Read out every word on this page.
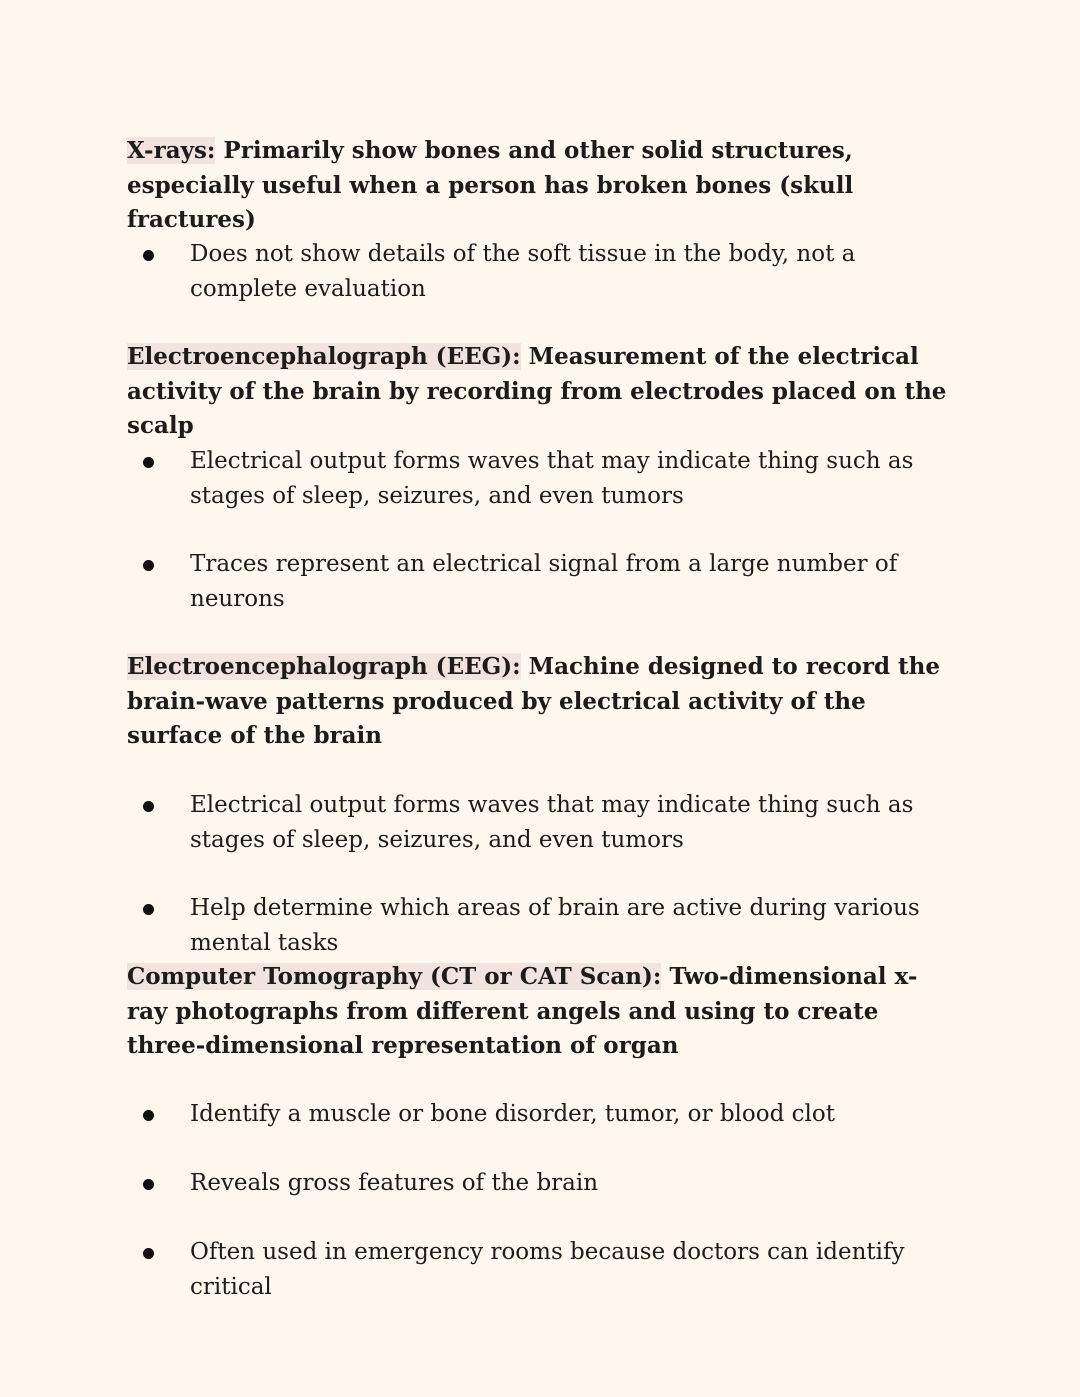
X-rays: Primarily show bones and other solid structures, especially useful when a person has broken bones (skull fractures)

Does not show details of the soft tissue in the body, not a complete evaluation

Electroencephalograph (EEG): Measurement of the electrical activity of the brain by recording from electrodes placed on the scalp

Electrical output forms waves that may indicate thing such as stages of sleep, seizures, and even tumors

Traces represent an electrical signal from a large number of neurons

Electroencephalograph (EEG): Machine designed to record the brain-wave patterns produced by electrical activity of the surface of the brain

Electrical output forms waves that may indicate thing such as stages of sleep, seizures, and even tumors

Help determine which areas of brain are active during various mental tasks

Computer Tomography (CT or CAT Scan): Two-dimensional x-ray photographs from different angels and using to create three-dimensional representation of organ

Identify a muscle or bone disorder, tumor, or blood clot

Reveals gross features of the brain

Often used in emergency rooms because doctors can identify critical
